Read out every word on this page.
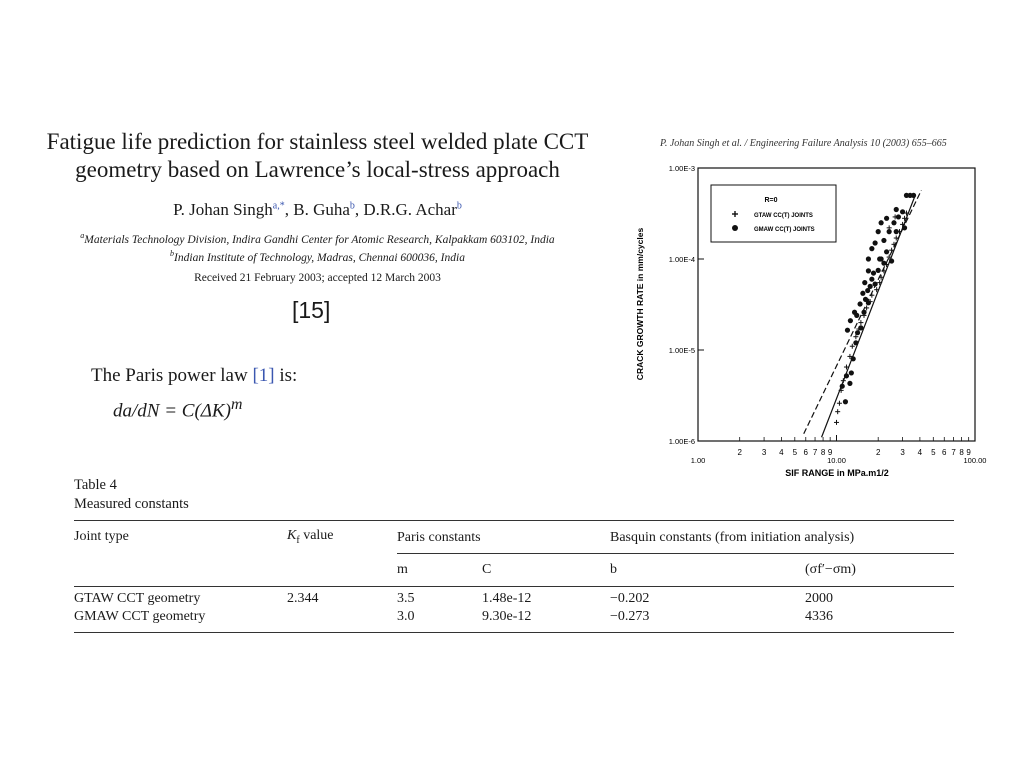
Fatigue life prediction for stainless steel welded plate CCT
geometry based on Lawrence’s local-stress approach
P. Johan Singh$^{a,*}$, B. Guha$^b$, D.R.G. Achar$^b$
$^a$Materials Technology Division, Indira Gandhi Center for Atomic Research, Kalpakkam 603102, India
$^b$Indian Institute of Technology, Madras, Chennai 600036, India
Received 21 February 2003; accepted 12 March 2003
[15]
The Paris power law [1] is:
$da/dN = C(\Delta K)^m$
P. Johan Singh et al. / Engineering Failure Analysis 10 (2003) 655–665
1.00E-6
1.00E-5
1.00E-4
1.00E-3
1.00	10.00	100.00
2 3 4 5 6 7 8 9	2 3 4 5 6 7 8 9
R=0
GTAW CC(T) JOINTS
GMAW CC(T) JOINTS
SIF RANGE in MPa.m1/2
CRACK GROWTH RATE in mm/cycles
Table 4
Measured constants
Joint type	$K_f$ value	Paris constants		Basquin constants (from initiation analysis)	

		m	C	b	(σf′−σm)

GTAW CCT geometry	2.344	3.5	1.48e-12	−0.202	2000
GMAW CCT geometry		3.0	9.30e-12	−0.273	4336
